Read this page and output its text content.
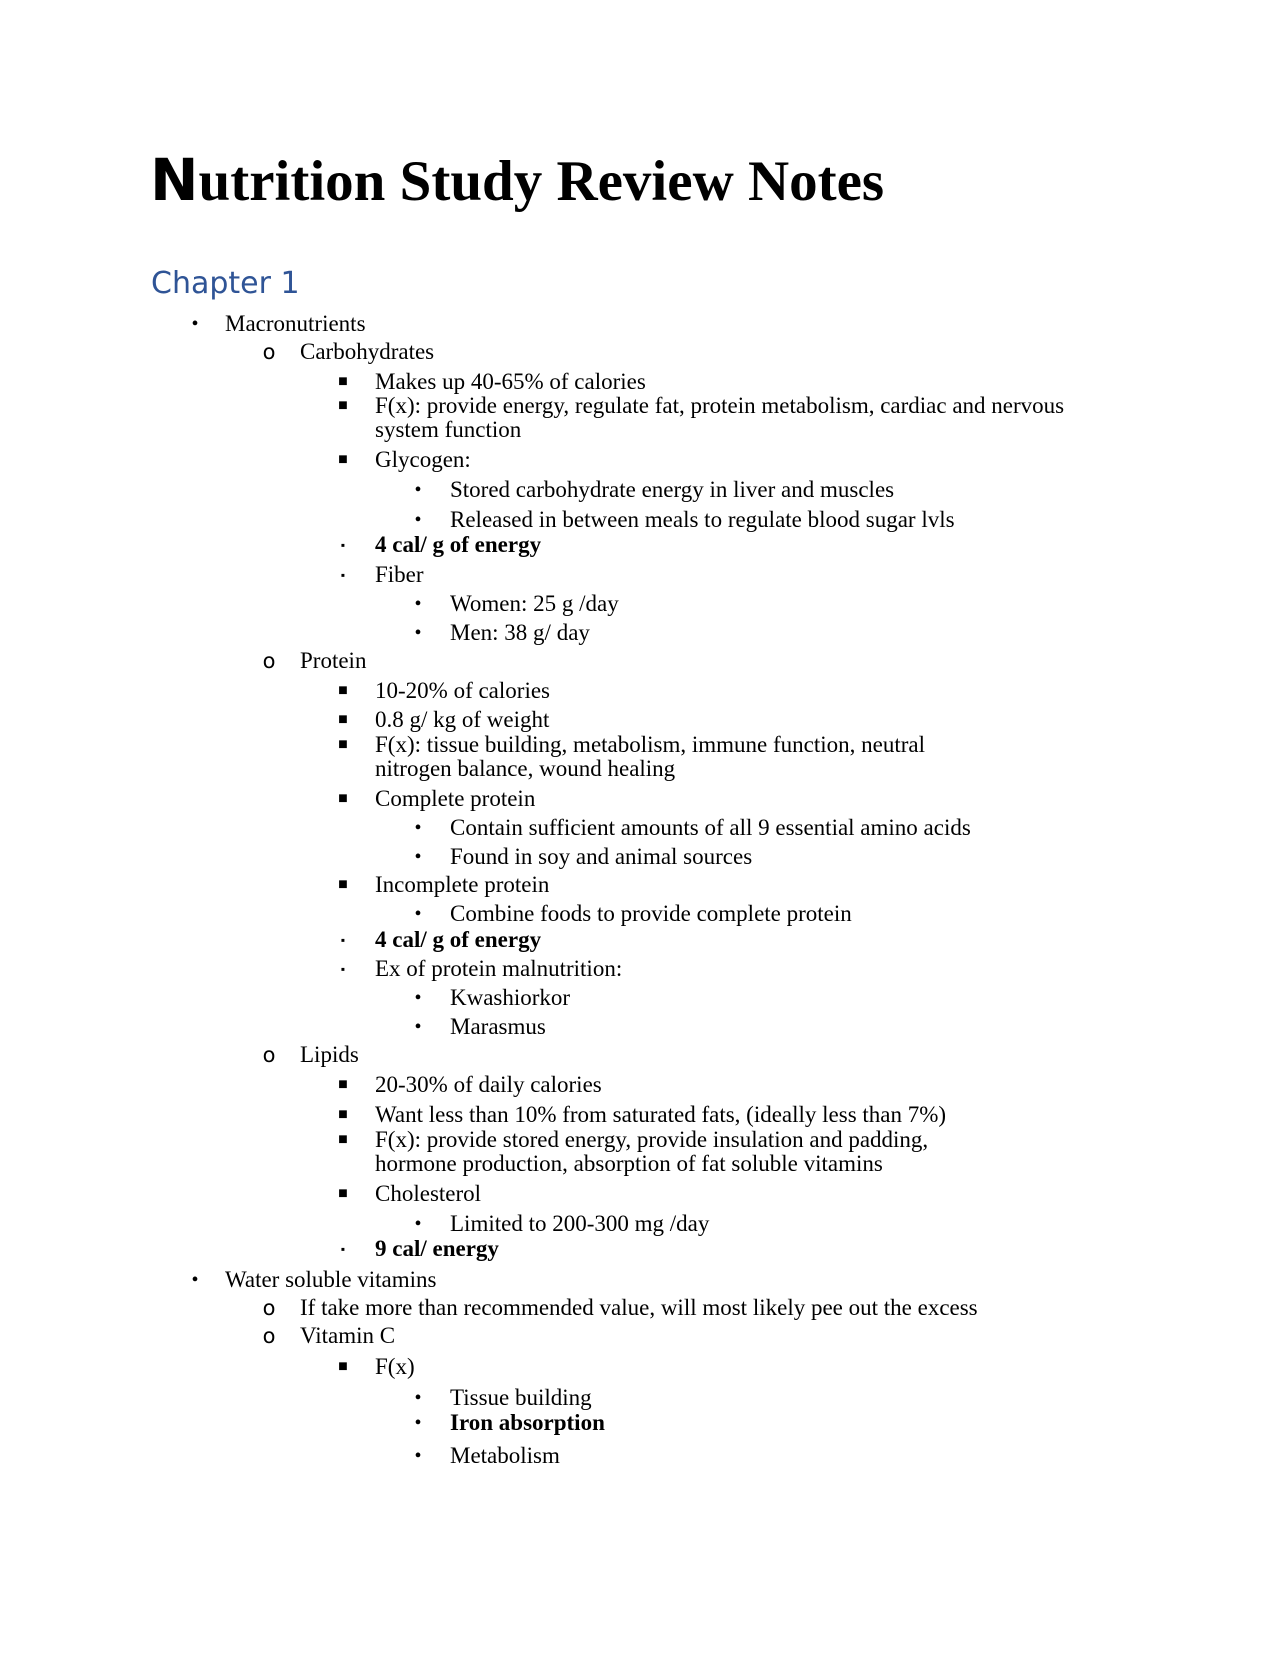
Nutrition Study Review Notes
Chapter 1
•	Macronutrients
o Carbohydrates
■	Makes up 40-65% of calories
■	F(x): provide energy, regulate fat, protein metabolism, cardiac and nervous system function
■	Glycogen:
•	Stored carbohydrate energy in liver and muscles
•	Released in between meals to regulate blood sugar lvls
▪	4 cal/ g of energy
▪	Fiber
•	Women: 25 g /day
•	Men: 38 g/ day
o Protein
■	10-20% of calories
■	0.8 g/ kg of weight
■	F(x): tissue building, metabolism, immune function, neutral nitrogen balance, wound healing
■	Complete protein
•	Contain sufficient amounts of all 9 essential amino acids
•	Found in soy and animal sources
■	Incomplete protein
•	Combine foods to provide complete protein
▪	4 cal/ g of energy
▪	Ex of protein malnutrition:
•	Kwashiorkor
•	Marasmus
o Lipids
■	20-30% of daily calories
■	Want less than 10% from saturated fats, (ideally less than 7%)
■	F(x): provide stored energy, provide insulation and padding, hormone production, absorption of fat soluble vitamins
■	Cholesterol
•	Limited to 200-300 mg /day
▪	9 cal/ energy
•	Water soluble vitamins
o If take more than recommended value, will most likely pee out the excess
o Vitamin C
■	F(x)
•	Tissue building
•	Iron absorption
•	Metabolism
